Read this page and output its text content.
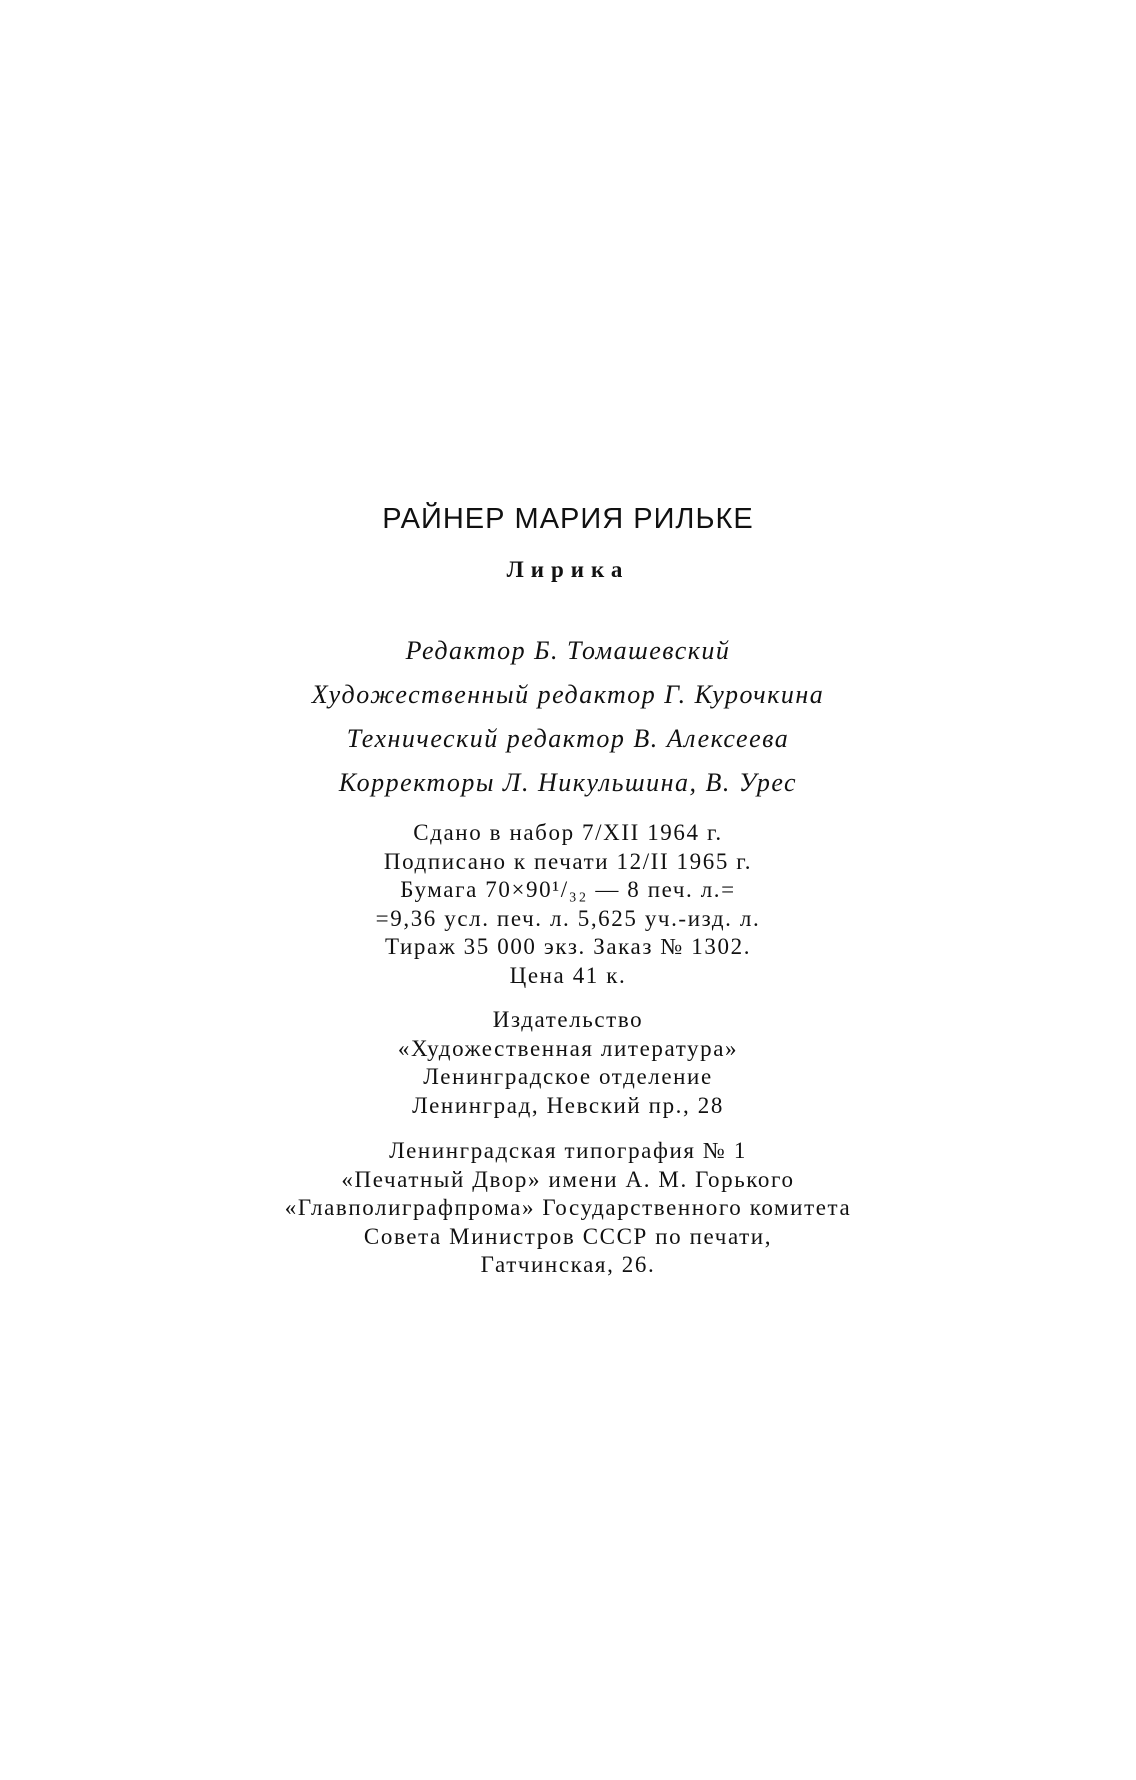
РАЙНЕР МАРИЯ РИЛЬКЕ
Лирика
Редактор Б. Томашевский
Художественный редактор Г. Курочкина
Технический редактор В. Алексеева
Корректоры Л. Никульшина, В. Урес
Сдано в набор 7/XII 1964 г.
Подписано к печати 12/II 1965 г.
Бумага 70×90¹/₃₂ — 8 печ. л.=
=9,36 усл. печ. л. 5,625 уч.-изд. л.
Тираж 35 000 экз. Заказ № 1302.
Цена 41 к.
Издательство
«Художественная литература»
Ленинградское отделение
Ленинград, Невский пр., 28
Ленинградская типография № 1
«Печатный Двор» имени А. М. Горького
«Главполиграфпрома» Государственного комитета
Совета Министров СССР по печати,
Гатчинская, 26.
